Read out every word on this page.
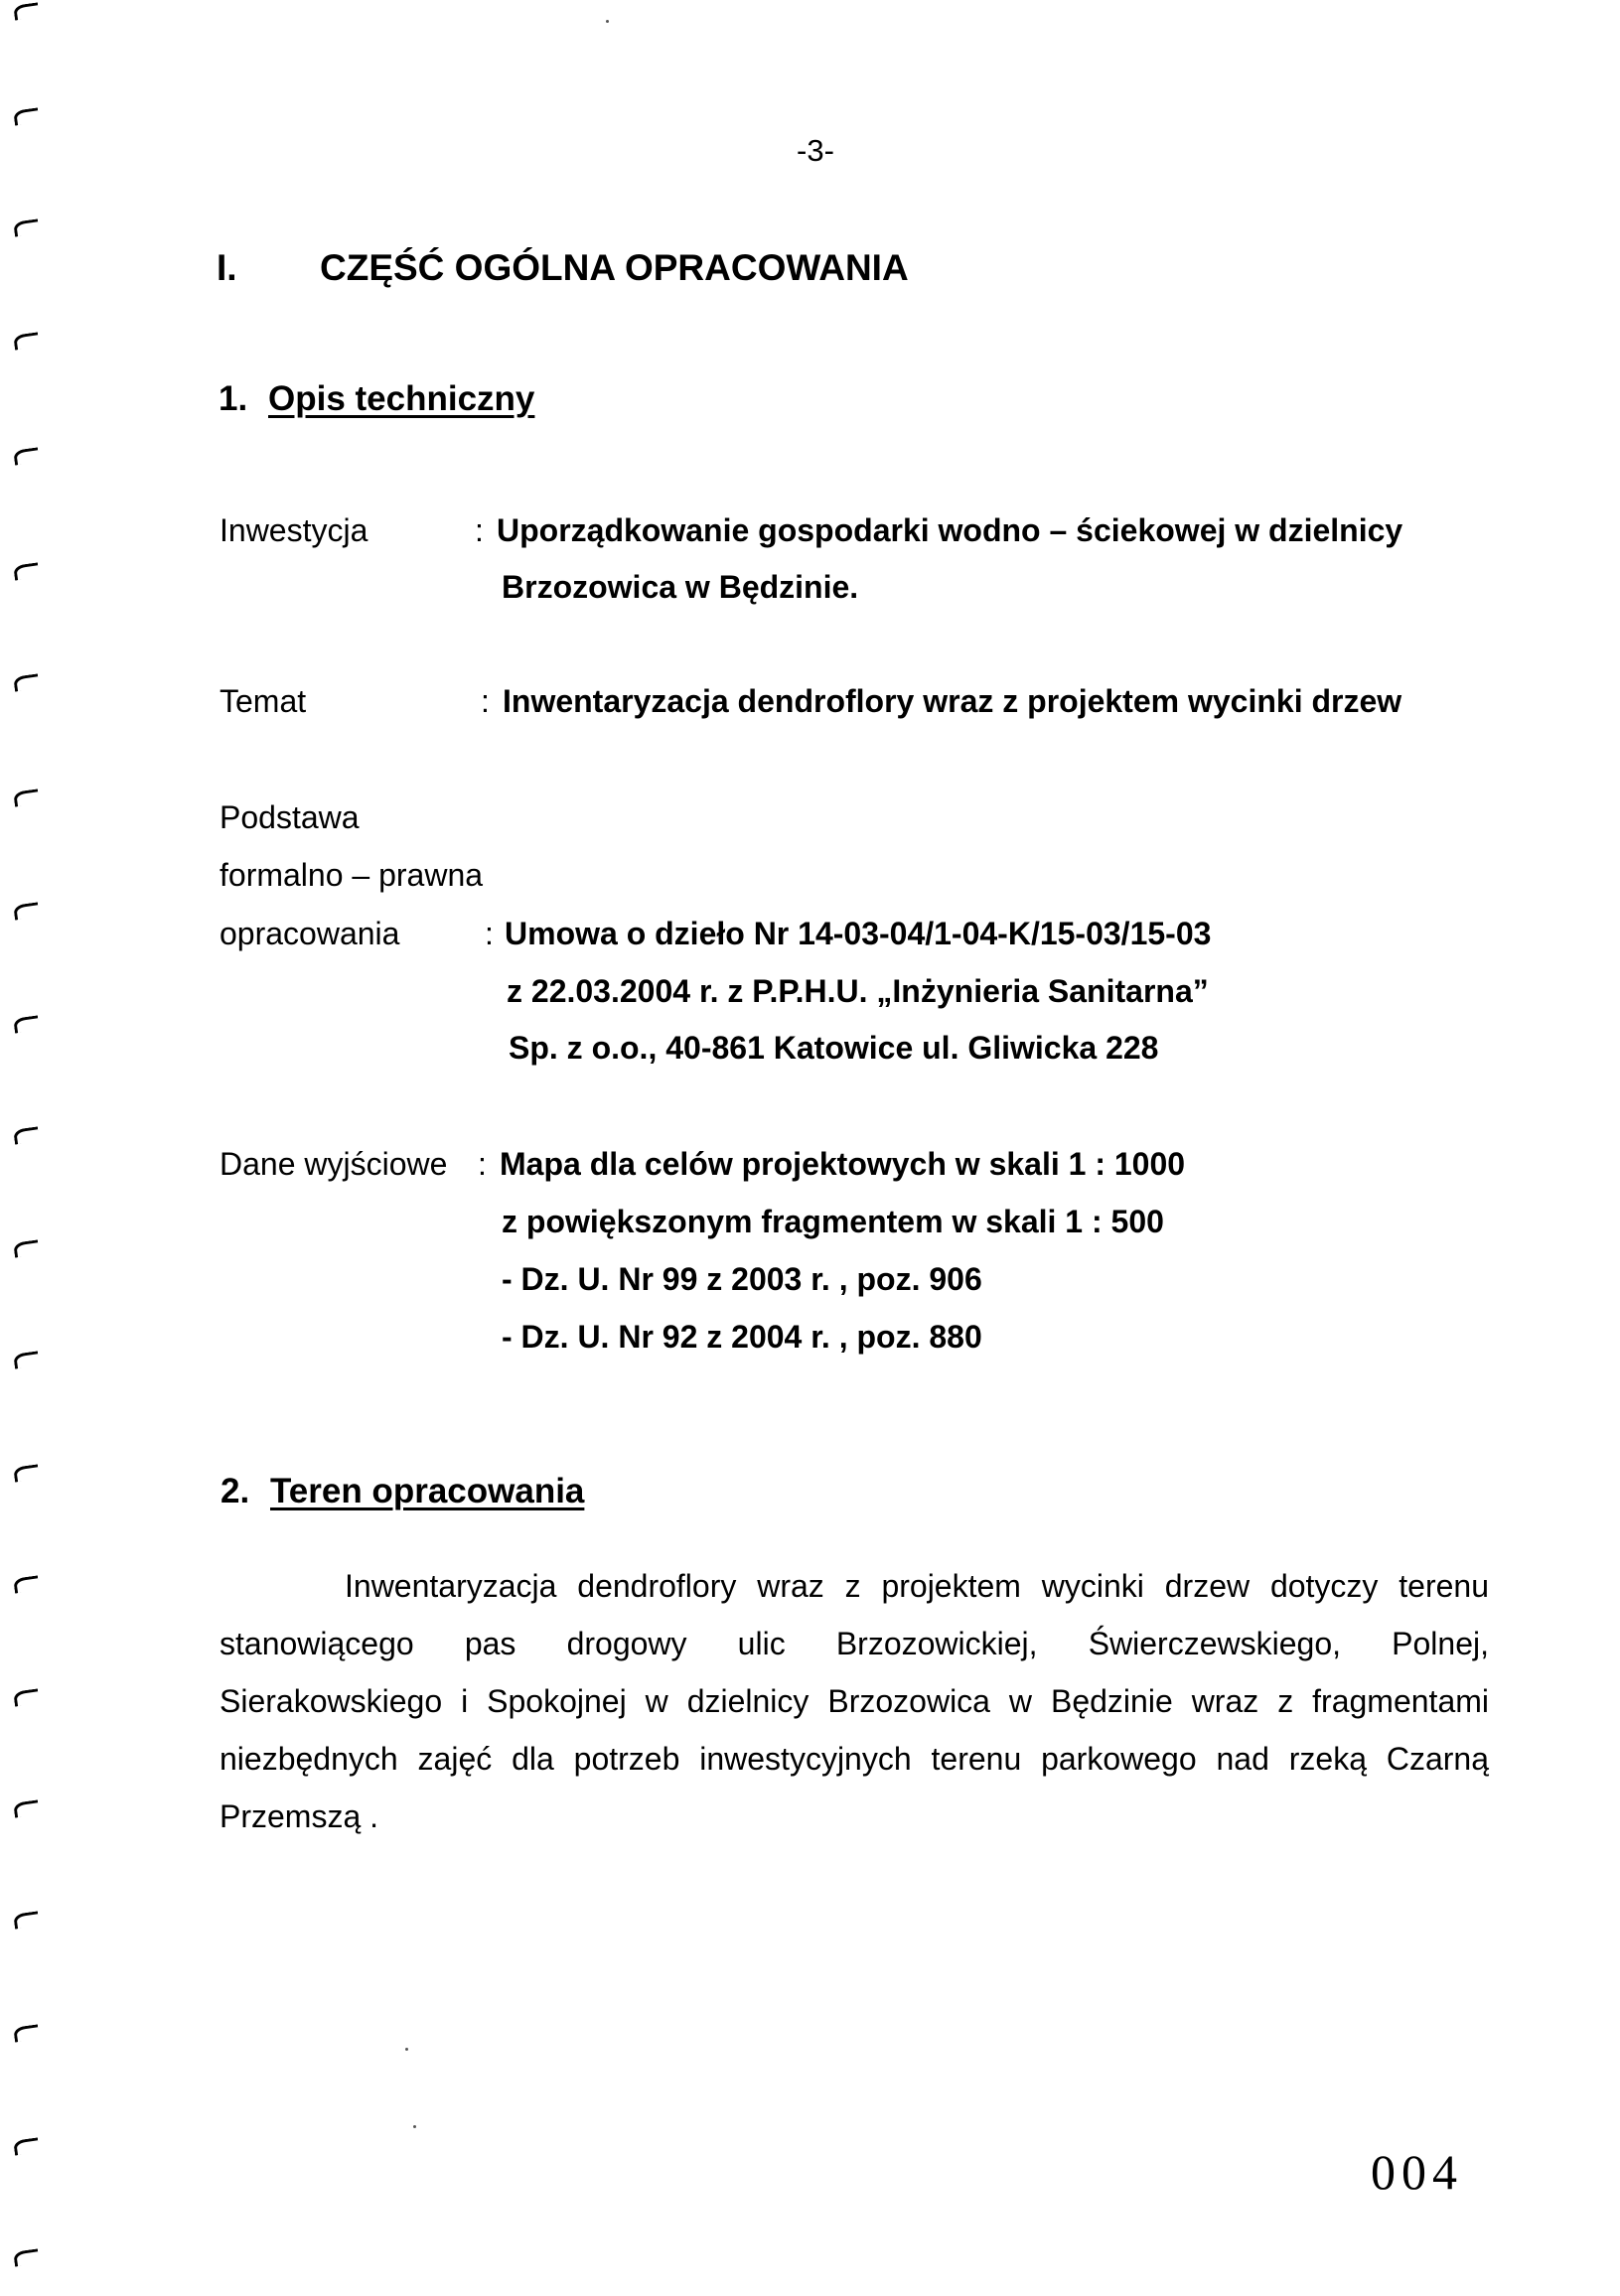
-3-
I. CZĘŚĆ OGÓLNA OPRACOWANIA
1. Opis techniczny
Inwestycja	: Uporządkowanie gospodarki wodno – ściekowej w dzielnicy
Brzozowica w Będzinie.
Temat	: Inwentaryzacja dendroflory wraz z projektem wycinki drzew
Podstawa
formalno – prawna
opracowania	: Umowa o dzieło Nr 14-03-04/1-04-K/15-03/15-03
z 22.03.2004 r. z P.P.H.U. „Inżynieria Sanitarna”
Sp. z o.o., 40-861 Katowice ul. Gliwicka 228
Dane wyjściowe : Mapa dla celów projektowych w skali 1 : 1000
z powiększonym fragmentem w skali 1 : 500
- Dz. U. Nr 99 z 2003 r. , poz. 906
- Dz. U. Nr 92 z 2004 r. , poz. 880
2. Teren opracowania
Inwentaryzacja dendroflory wraz z projektem wycinki drzew dotyczy terenu
stanowiącego pas drogowy ulic Brzozowickiej, Świerczewskiego, Polnej,
Sierakowskiego i Spokojnej w dzielnicy Brzozowica w Będzinie wraz z fragmentami
niezbędnych zajęć dla potrzeb inwestycyjnych terenu parkowego nad rzeką Czarną
Przemszą .
004
